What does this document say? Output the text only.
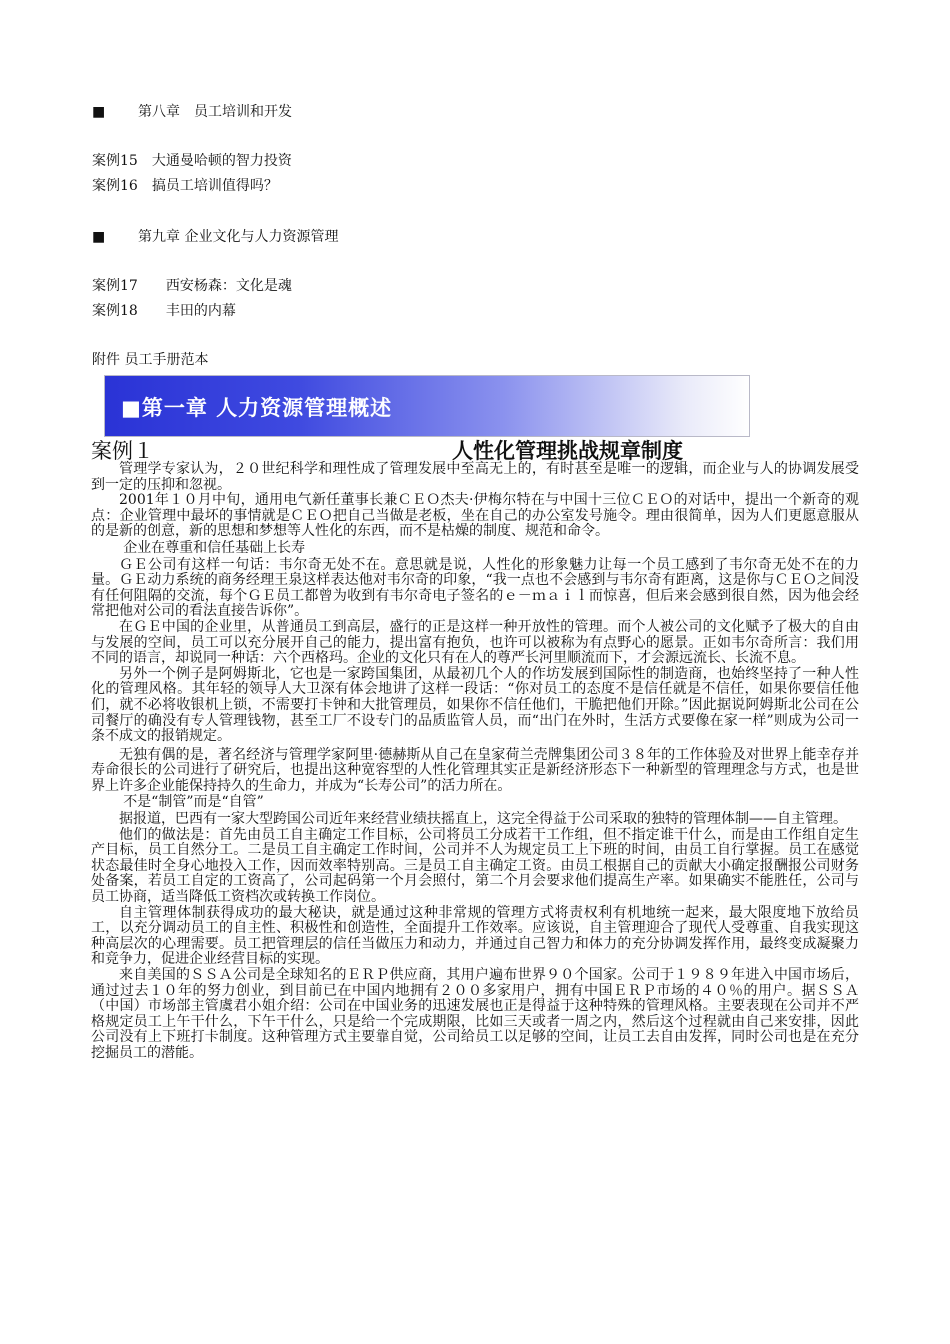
■ 第八章　员工培训和开发
案例15　 大通曼哈顿的智力投资
案例16　 搞员工培训值得吗？
■ 第九章 企业文化与人力资源管理
案例17　　 西安杨森：文化是魂
案例18　　 丰田的内幕
附件 员工手册范本
■第一章 人力资源管理概述
案例１	人性化管理挑战规章制度

管理学专家认为，２０世纪科学和理性成了管理发展中至高无上的，有时甚至是唯一的逻辑，而企业与人的协调发展受到一定的压抑和忽视。

2001年１０月中旬，通用电气新任董事长兼ＣＥＯ杰夫·伊梅尔特在与中国十三位ＣＥＯ的对话中，提出一个新奇的观点：企业管理中最坏的事情就是ＣＥＯ把自己当做是老板，坐在自己的办公室发号施令。理由很简单，因为人们更愿意服从的是新的创意，新的思想和梦想等人性化的东西，而不是枯燥的制度、规范和命令。

企业在尊重和信任基础上长寿

ＧＥ公司有这样一句话：韦尔奇无处不在。意思就是说，人性化的形象魅力让每一个员工感到了韦尔奇无处不在的力量。ＧＥ动力系统的商务经理王泉这样表达他对韦尔奇的印象，“我一点也不会感到与韦尔奇有距离，这是你与ＣＥＯ之间没有任何阻隔的交流，每个ＧＥ员工都曾为收到有韦尔奇电子签名的ｅ－ｍａｉｌ而惊喜，但后来会感到很自然，因为他会经常把他对公司的看法直接告诉你”。

在ＧＥ中国的企业里，从普通员工到高层，盛行的正是这样一种开放性的管理。而个人被公司的文化赋予了极大的自由与发展的空间，员工可以充分展开自己的能力，提出富有抱负，也许可以被称为有点野心的愿景。正如韦尔奇所言：我们用不同的语言，却说同一种话：六个西格玛。企业的文化只有在人的尊严长河里顺流而下，才会源远流长、长流不息。

另外一个例子是阿姆斯北，它也是一家跨国集团，从最初几个人的作坊发展到国际性的制造商，也始终坚持了一种人性化的管理风格。其年轻的领导人大卫深有体会地讲了这样一段话：“你对员工的态度不是信任就是不信任，如果你要信任他们，就不必将收银机上锁，不需要打卡钟和大批管理员，如果你不信任他们，干脆把他们开除。”因此据说阿姆斯北公司在公司餐厅的确没有专人管理钱物，甚至工厂不设专门的品质监管人员，而“出门在外时，生活方式要像在家一样”则成为公司一条不成文的报销规定。

无独有偶的是，著名经济与管理学家阿里·德赫斯从自己在皇家荷兰壳牌集团公司３８年的工作体验及对世界上能幸存并寿命很长的公司进行了研究后，也提出这种宽容型的人性化管理其实正是新经济形态下一种新型的管理理念与方式，也是世界上许多企业能保持持久的生命力，并成为“长寿公司”的活力所在。

不是“制管”而是“自管”

据报道，巴西有一家大型跨国公司近年来经营业绩扶摇直上，这完全得益于公司采取的独特的管理体制——自主管理。

他们的做法是：首先由员工自主确定工作目标，公司将员工分成若干工作组，但不指定谁干什么，而是由工作组自定生产目标，员工自然分工。二是员工自主确定工作时间，公司并不人为规定员工上下班的时间，由员工自行掌握。员工在感觉状态最佳时全身心地投入工作，因而效率特别高。三是员工自主确定工资。由员工根据自己的贡献大小确定报酬报公司财务处备案，若员工自定的工资高了，公司起码第一个月会照付，第二个月会要求他们提高生产率。如果确实不能胜任，公司与员工协商，适当降低工资档次或转换工作岗位。

自主管理体制获得成功的最大秘诀，就是通过这种非常规的管理方式将责权利有机地统一起来，最大限度地下放给员工，以充分调动员工的自主性、积极性和创造性，全面提升工作效率。应该说，自主管理迎合了现代人受尊重、自我实现这种高层次的心理需要。员工把管理层的信任当做压力和动力，并通过自己智力和体力的充分协调发挥作用，最终变成凝聚力和竞争力，促进企业经营目标的实现。

来自美国的ＳＳＡ公司是全球知名的ＥＲＰ供应商，其用户遍布世界９０个国家。公司于１９８９年进入中国市场后，通过过去１０年的努力创业，到目前已在中国内地拥有２００多家用户，拥有中国ＥＲＰ市场的４０％的用户。据ＳＳＡ（中国）市场部主管虞君小姐介绍：公司在中国业务的迅速发展也正是得益于这种特殊的管理风格。主要表现在公司并不严格规定员工上午干什么，下午干什么，只是给一个完成期限，比如三天或者一周之内，然后这个过程就由自己来安排，因此公司没有上下班打卡制度。这种管理方式主要靠自觉，公司给员工以足够的空间，让员工去自由发挥，同时公司也是在充分挖掘员工的潜能。
